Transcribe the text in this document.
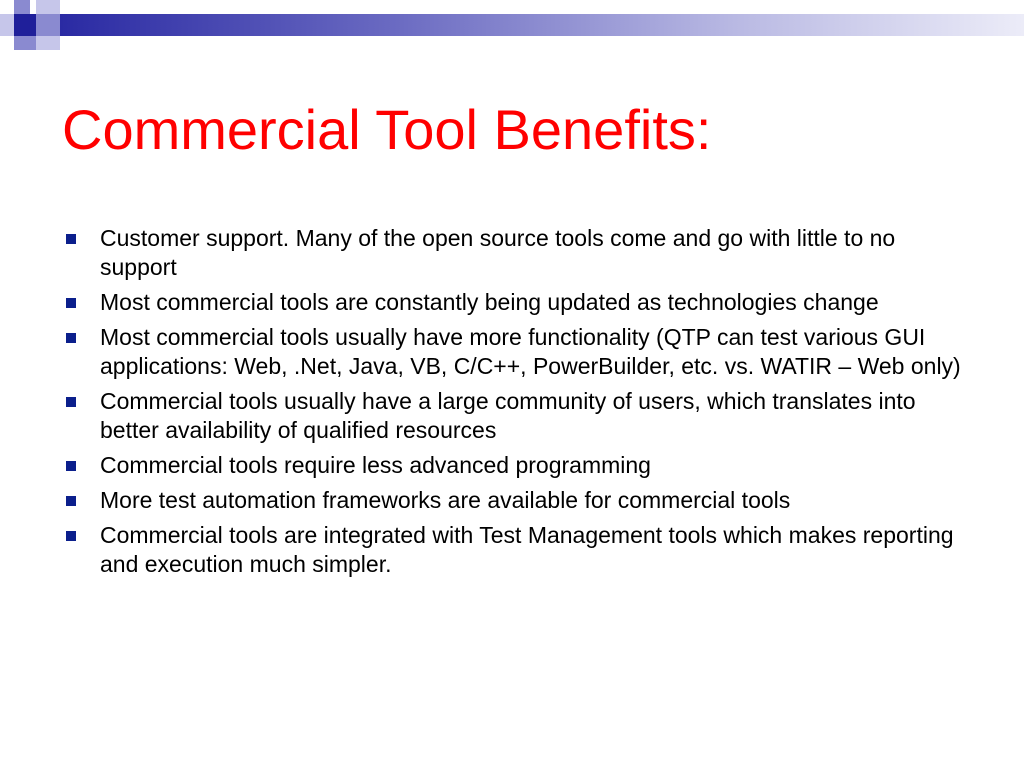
Commercial Tool Benefits:
Customer support. Many of the open source tools come and go with little to no support
Most commercial tools are constantly being updated as technologies change
Most commercial tools usually have more functionality (QTP can test various GUI applications: Web, .Net, Java, VB, C/C++, PowerBuilder, etc. vs. WATIR – Web only)
Commercial tools usually have a large community of users, which translates into better availability of qualified resources
Commercial tools require less advanced programming
More test automation frameworks are available for commercial tools
Commercial tools are integrated with Test Management tools which makes reporting and execution much simpler.
